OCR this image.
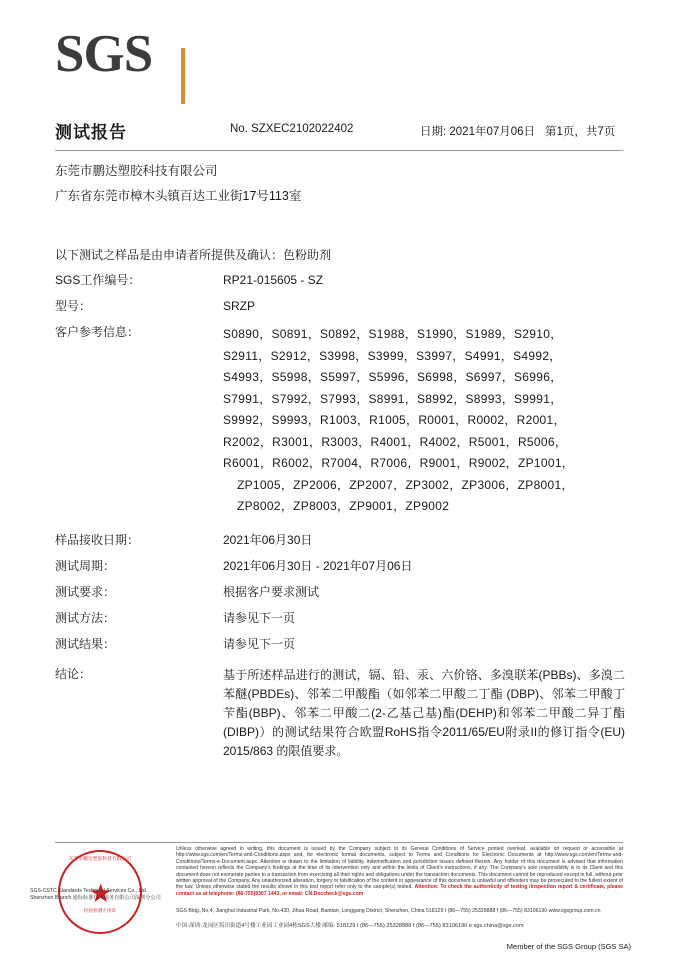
SGS
测试报告	No. SZXEC2102022402	日期: 2021年07月06日 第1页，共7页
东莞市鹏达塑胶科技有限公司
广东省东莞市樟木头镇百达工业街17号113室
以下测试之样品是由申请者所提供及确认：色粉助剂
SGS工作编号：	RP21-015605 - SZ
型号：	SRZP
客户参考信息：	S0890，S0891，S0892，S1988，S1990，S1989，S2910，
S2911，S2912，S3998，S3999，S3997，S4991，S4992，
S4993，S5998，S5997，S5996，S6998，S6997，S6996，
S7991，S7992，S7993，S8991，S8992，S8993，S9991，
S9992，S9993，R1003，R1005，R0001，R0002，R2001，
R2002，R3001，R3003，R4001，R4002，R5001，R5006，
R6001，R6002，R7004，R7006，R9001，R9002，ZP1001，
ZP1005，ZP2006，ZP2007，ZP3002，ZP3006，ZP8001，
ZP8002，ZP8003，ZP9001，ZP9002
样品接收日期：	2021年06月30日
测试周期：	2021年06月30日 - 2021年07月06日
测试要求：	根据客户要求测试
测试方法：	请参见下一页
测试结果：	请参见下一页
结论：	基于所述样品进行的测试，镉、铅、汞、六价铬、多溴联苯(PBBs)、多溴二苯醚(PBDEs)、邻苯二甲酸酯（如邻苯二甲酸二丁酯 (DBP)、邻苯二甲酸丁苄酯(BBP)、邻苯二甲酸二(2-乙基己基)酯(DEHP)和邻苯二甲酸二异丁酯(DIBP)）的测试结果符合欧盟RoHS指令2011/65/EU附录II的修订指令(EU) 2015/863 的限值要求。
东莞市鹏达塑胶科技有限公司
★
检验检测专用章
SGS-CSTC Standards Technical Services Co., Ltd.
Shenzhen Branch 通标标准技术服务有限公司深圳分公司
Unless otherwise agreed in writing, this document is issued by the Company subject to its General Conditions of Service printed overleaf, available on request or accessible at http://www.sgs.com/en/Terms-and-Conditions.aspx and, for electronic format documents, subject to Terms and Conditions for Electronic Documents at http://www.sgs.com/en/Terms-and-Conditions/Terms-e-Document.aspx. Attention is drawn to the limitation of liability, indemnification and jurisdiction issues defined therein. Any holder of this document is advised that information contained hereon reflects the Company's findings at the time of its intervention only and within the limits of Client's instructions, if any. The Company's sole responsibility is to its Client and this document does not exonerate parties to a transaction from exercising all their rights and obligations under the transaction documents. This document cannot be reproduced except in full, without prior written approval of the Company. Any unauthorized alteration, forgery or falsification of the content or appearance of this document is unlawful and offenders may be prosecuted to the fullest extent of the law. Unless otherwise stated the results shown in this test report refer only to the sample(s) tested. Attention: To check the authenticity of testing /inspection report & certificate, please contact us at telephone: (86-755)8307 1443, or email: CN.Doccheck@sgs.com
SGS Bldg.,No.4, Jianghui Industrial Park, No.430, Jihua Road, Bantian, Longgang District, Shenzhen, China 518129 t (86—755) 25328888 f (86—755) 83106190 www.sgsgroup.com.cn
中国·深圳·龙岗区坂田街道4号楼工业园工业园4栋SGS大楼 邮编: 518129 t (86—755) 25328888 f (86—755) 83106190 e sgs.china@sgs.com
Member of the SGS Group (SGS SA)
